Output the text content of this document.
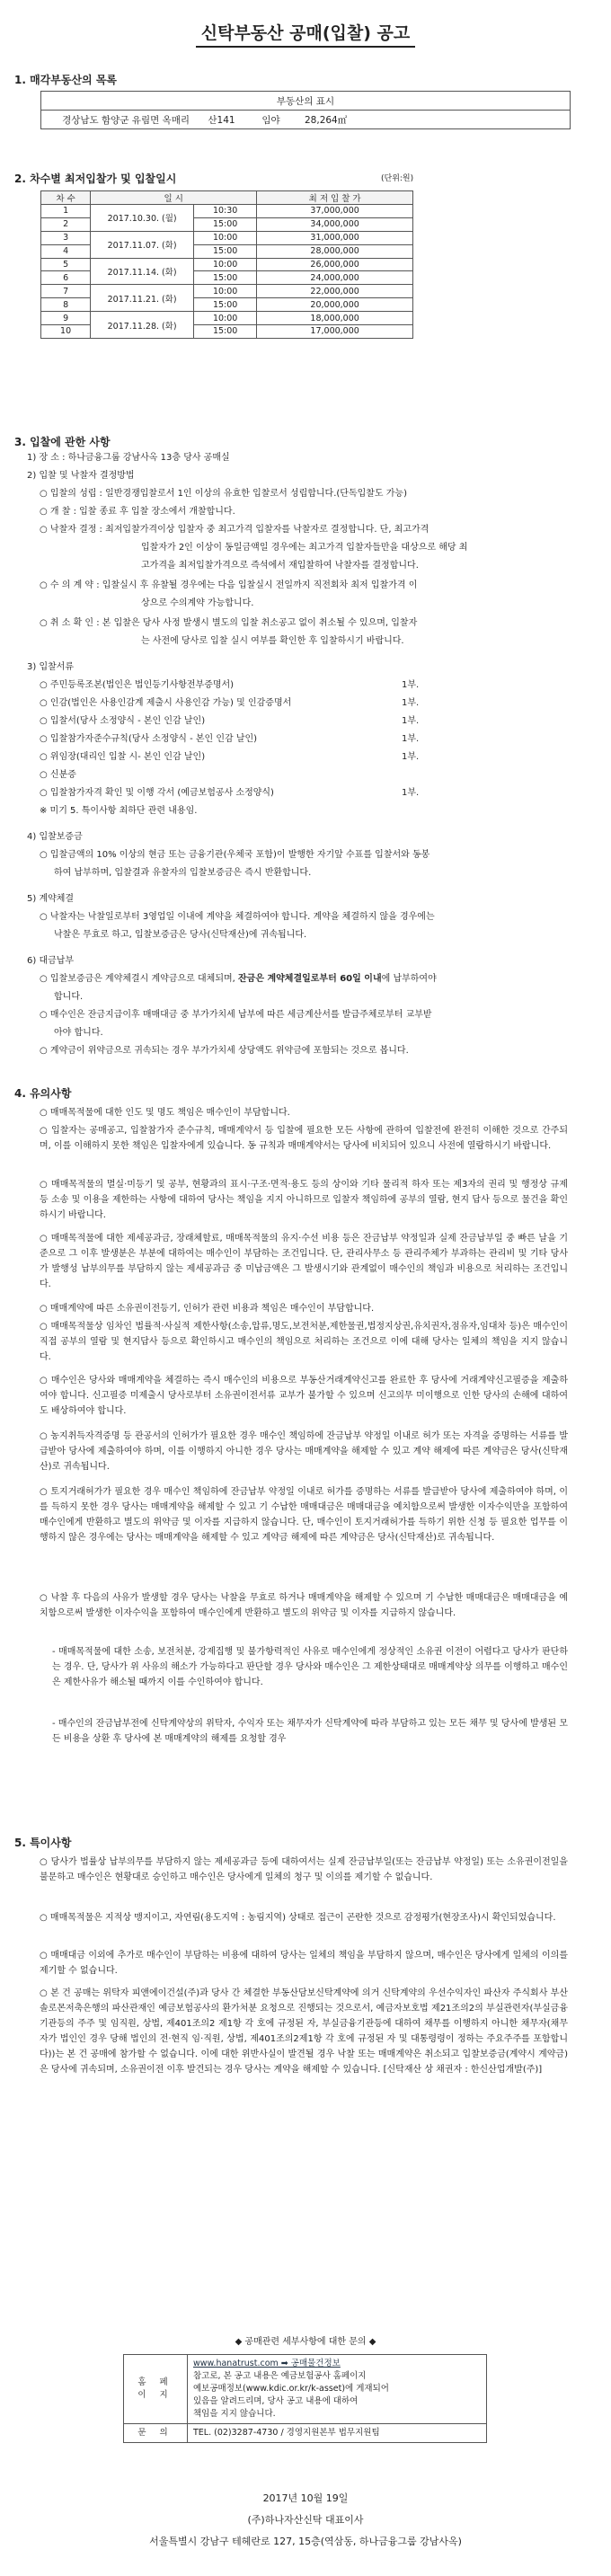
신탁부동산 공매(입찰) 공고
1. 매각부동산의 목록
부동산의 표시
경상남도 함양군 유림면 옥매리	산141	임야	28,264㎡
2. 차수별 최저입찰가 및 입찰일시	(단위:원)
차 수	일 시		최 저 입 찰 가
1	2017.10.30. (월)	10:30	37,000,000
2		15:00	34,000,000
3	2017.11.07. (화)	10:00	31,000,000
4		15:00	28,000,000
5	2017.11.14. (화)	10:00	26,000,000
6		15:00	24,000,000
7	2017.11.21. (화)	10:00	22,000,000
8		15:00	20,000,000
9	2017.11.28. (화)	10:00	18,000,000
10		15:00	17,000,000
3. 입찰에 관한 사항
1) 장 소 : 하나금융그룹 강남사옥 13층 당사 공매실
2) 입찰 및 낙찰자 결정방법
○ 입찰의 성립 : 일반경쟁입찰로서 1인 이상의 유효한 입찰로서 성립합니다.(단독입찰도 가능)
○ 개 찰 : 입찰 종료 후 입찰 장소에서 개찰합니다.
○ 낙찰자 결정 : 최저입찰가격이상 입찰자 중 최고가격 입찰자를 낙찰자로 결정합니다. 단, 최고가격
입찰자가 2인 이상이 동일금액일 경우에는 최고가격 입찰자들만을 대상으로 해당 최
고가격을 최저입찰가격으로 즉석에서 재입찰하여 낙찰자를 결정합니다.
○ 수 의 계 약 : 입찰실시 후 유찰될 경우에는 다음 입찰실시 전일까지 직전회차 최저 입찰가격 이
상으로 수의계약 가능합니다.
○ 취 소 확 인 : 본 입찰은 당사 사정 발생시 별도의 입찰 취소공고 없이 취소될 수 있으며, 입찰자
는 사전에 당사로 입찰 실시 여부를 확인한 후 입찰하시기 바랍니다.
3) 입찰서류
○ 주민등록조본(법인은 법인등기사항전부증명서)	1부.
○ 인감(법인은 사용인감계 제출시 사용인감 가능) 및 인감증명서	1부.
○ 입찰서(당사 소정양식 - 본인 인감 날인)	1부.
○ 입찰참가자준수규칙(당사 소정양식 - 본인 인감 날인)	1부.
○ 위임장(대리인 입찰 시- 본인 인감 날인)	1부.
○ 신분증
○ 입찰참가자격 확인 및 이행 각서 (예금보험공사 소정양식)	1부.
※ 미기 5. 특이사항 최하단 관련 내용임.
4) 입찰보증금
○ 입찰금액의 10% 이상의 현금 또는 금융기관(우체국 포함)이 발행한 자기앞 수표를 입찰서와 동봉
하여 납부하며, 입찰결과 유찰자의 입찰보증금은 즉시 반환합니다.
5) 계약체결
○ 낙찰자는 낙찰일로부터 3영업일 이내에 계약을 체결하여야 합니다. 계약을 체결하지 않을 경우에는
낙찰은 무효로 하고, 입찰보증금은 당사(신탁재산)에 귀속됩니다.
6) 대금납부
○ 입찰보증금은 계약체결시 계약금으로 대체되며, 잔금은 계약체결일로부터 60일 이내에 납부하여야
합니다.
○ 매수인은 잔금지급이후 매매대금 중 부가가치세 납부에 따른 세금계산서를 발급주체로부터 교부받
아야 합니다.
○ 계약금이 위약금으로 귀속되는 경우 부가가치세 상당액도 위약금에 포함되는 것으로 봅니다.
4. 유의사항
○ 매매목적물에 대한 인도 및 명도 책임은 매수인이 부담합니다.
○ 입찰자는 공매공고, 입찰참가자 준수규칙, 매매계약서 등 입찰에 필요한 모든 사항에 관하여 입찰전에 완전히 이해한 것으로 간주되며, 이를 이해하지 못한 책임은 입찰자에게 있습니다. 동 규칙과 매매계약서는 당사에 비치되어 있으니 사전에 열람하시기 바랍니다.
○ 매매목적물의 멸실·미등기 및 공부, 현황과의 표시·구조·면적·용도 등의 상이와 기타 물리적 하자 또는 제3자의 권리 및 행정상 규제 등 소송 및 이용을 제한하는 사항에 대하여 당사는 책임을 지지 아니하므로 입찰자 책임하에 공부의 열람, 현지 답사 등으로 물건을 확인하시기 바랍니다.
○ 매매목적물에 대한 제세공과금, 장래체할료, 매매목적물의 유지·수선 비용 등은 잔금납부 약정일과 실제 잔금납부일 중 빠른 날을 기준으로 그 이후 발생분은 부분에 대하여는 매수인이 부담하는 조건입니다. 단, 관리사무소 등 관리주체가 부과하는 관리비 및 기타 당사가 발행성 납부의무를 부담하지 않는 제세공과금 중 미납금액은 그 발생시기와 관계없이 매수인의 책임과 비용으로 처리하는 조건입니다.
○ 매매계약에 따른 소유권이전등기, 인허가 관련 비용과 책임은 매수인이 부담합니다.
○ 매매목적물상 임차인 법률적·사실적 제한사항(소송,압류,명도,보전처분,제한물권,법정지상권,유치권자,점유자,임대차 등)은 매수인이 직접 공부의 열람 및 현지답사 등으로 확인하시고 매수인의 책임으로 처리하는 조건으로 이에 대해 당사는 일체의 책임을 지지 않습니다.
○ 매수인은 당사와 매매계약을 체결하는 즉시 매수인의 비용으로 부동산거래계약신고를 완료한 후 당사에 거래계약신고필증을 제출하여야 합니다. 신고필증 미제출시 당사로부터 소유권이전서류 교부가 불가할 수 있으며 신고의무 미이행으로 인한 당사의 손해에 대하여도 배상하여야 합니다.
○ 농지취득자격증명 등 관공서의 인허가가 필요한 경우 매수인 책임하에 잔금납부 약정일 이내로 허가 또는 자격을 증명하는 서류를 발급받아 당사에 제출하여야 하며, 이를 이행하지 아니한 경우 당사는 매매계약을 해제할 수 있고 계약 해제에 따른 계약금은 당사(신탁재산)로 귀속됩니다.
○ 토지거래허가가 필요한 경우 매수인 책임하에 잔금납부 약정일 이내로 허가를 증명하는 서류를 발급받아 당사에 제출하여야 하며, 이를 득하지 못한 경우 당사는 매매계약을 해제할 수 있고 기 수납한 매매대금은 매매대금을 예치함으로써 발생한 이자수익만을 포함하여 매수인에게 반환하고 별도의 위약금 및 이자를 지급하지 않습니다. 단, 매수인이 토지거래허가를 득하기 위한 신청 등 필요한 업무를 이행하지 않은 경우에는 당사는 매매계약을 해제할 수 있고 계약금 해제에 따른 계약금은 당사(신탁재산)로 귀속됩니다.
○ 낙찰 후 다음의 사유가 발생할 경우 당사는 낙찰을 무효로 하거나 매매계약을 해제할 수 있으며 기 수납한 매매대금은 매매대금을 예치함으로써 발생한 이자수익을 포함하여 매수인에게 반환하고 별도의 위약금 및 이자를 지급하지 않습니다.
- 매매목적물에 대한 소송, 보전처분, 강제집행 및 불가항력적인 사유로 매수인에게 정상적인 소유권 이전이 어렵다고 당사가 판단하는 경우. 단, 당사가 위 사유의 해소가 가능하다고 판단할 경우 당사와 매수인은 그 제한상태대로 매매계약상 의무를 이행하고 매수인은 제한사유가 해소될 때까지 이를 수인하여야 합니다.
- 매수인의 잔금납부전에 신탁계약상의 위탁자, 수익자 또는 채무자가 신탁계약에 따라 부담하고 있는 모든 채무 및 당사에 발생된 모든 비용을 상환 후 당사에 본 매매계약의 해제를 요청할 경우
5. 특이사항
○ 당사가 법률상 납부의무를 부담하지 않는 제세공과금 등에 대하여서는 실제 잔금납부일(또는 잔금납부 약정일) 또는 소유권이전일을 불문하고 매수인은 현황대로 승인하고 매수인은 당사에게 일체의 청구 및 이의를 제기할 수 없습니다.
○ 매매목적물은 지적상 맹지이고, 자연림(용도지역 : 농림지역) 상태로 접근이 곤란한 것으로 감정평가(현장조사)시 확인되었습니다.
○ 매매대금 이외에 추가로 매수인이 부담하는 비용에 대하여 당사는 일체의 책임을 부담하지 않으며, 매수인은 당사에게 일체의 이의를 제기할 수 없습니다.
○ 본 건 공매는 위탁자 피앤에이건설(주)과 당사 간 체결한 부동산담보신탁계약에 의거 신탁계약의 우선수익자인 파산자 주식회사 부산솔로몬저축은행의 파산관재인 예금보험공사의 환가처분 요청으로 진행되는 것으로서, 예금자보호법 제21조의2의 부실관련자(부실금융기관등의 주주 및 임직원, 상법, 제401조의2 제1항 각 호에 규정된 자, 부실금융기관등에 대하여 채무를 이행하지 아니한 채무자(채무자가 법인인 경우 당해 법인의 전·현직 임·직원, 상법, 제401조의2제1항 각 호에 규정된 자 및 대통령령이 정하는 주요주주를 포함합니다))는 본 건 공매에 참가할 수 없습니다. 이에 대한 위반사실이 발견될 경우 낙찰 또는 매매계약은 취소되고 입찰보증금(계약시 계약금)은 당사에 귀속되며, 소유권이전 이후 발견되는 경우 당사는 계약을 해제할 수 있습니다. [신탁재산 상 채권자 : 한신산업개발(주)]
◆ 공매관련 세부사항에 대한 문의 ◆
홈 페 이 지	www.hanatrust.com ➡ 공매물건정보
참고로, 본 공고 내용은 예금보험공사 홈페이지
예보공매정보(www.kdic.or.kr/k-asset)에 게재되어
있음을 알려드리며, 당사 공고 내용에 대하여
책임을 지지 않습니다.

문 의	TEL. (02)3287-4730 / 경영지원본부 법무지원팀
2017년 10월 19일
(주)하나자산신탁 대표이사
서울특별시 강남구 테헤란로 127, 15층(역삼동, 하나금융그룹 강남사옥)
